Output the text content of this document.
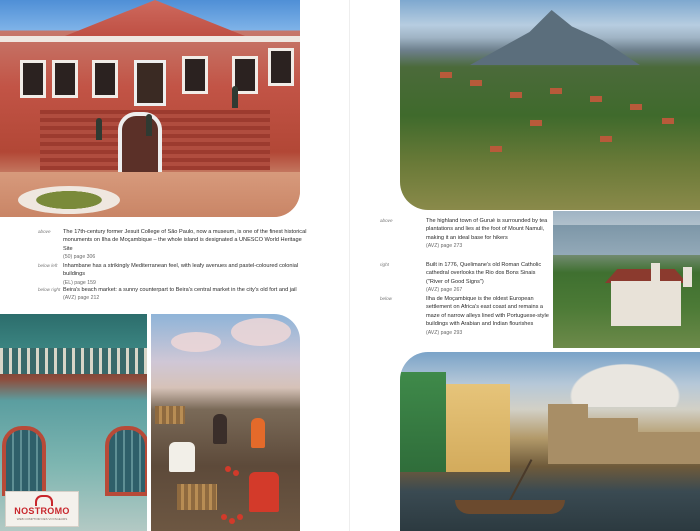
above The 17th-century former Jesuit College of São Paulo, now a museum, is one of the finest historical monuments on Ilha de Moçambique – the whole island is designated a UNESCO World Heritage Site
(50) page 306
below left Inhambane has a strikingly Mediterranean feel, with leafy avenues and pastel-coloured colonial buildings
(EL) page 159
below right Beira's beach market: a sunny counterpart to Beira's central market in the city's old fort and jail
(AVZ) page 212
NOSTROMO
WEB COMPTOIR DES VOYAGEURS
above	The highland town of Gurué is surrounded by tea plantations and lies at the foot of Mount Namuli, making it an ideal base for hikers
(AVZ) page 273
right	Built in 1776, Quelimane's old Roman Catholic cathedral overlooks the Rio dos Bons Sinais ("River of Good Signs")
(AVZ) page 267
below	Ilha de Moçambique is the oldest European settlement on Africa's east coast and remains a maze of narrow alleys lined with Portuguese-style buildings with Arabian and Indian flourishes
(AVZ) page 293
